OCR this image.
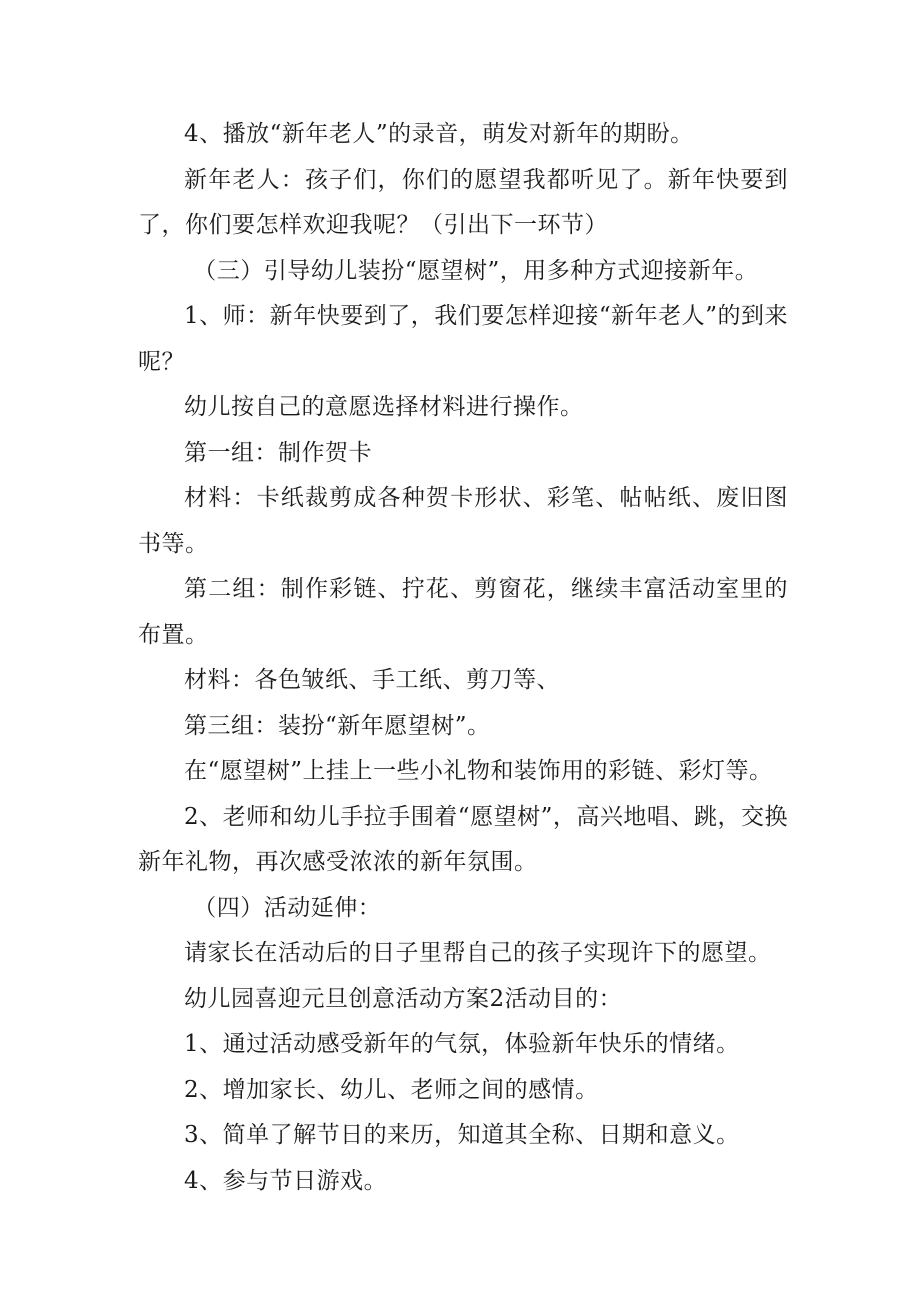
4、播放“新年老人”的录音，萌发对新年的期盼。

新年老人：孩子们，你们的愿望我都听见了。新年快要到了，你们要怎样欢迎我呢？（引出下一环节）

（三）引导幼儿装扮“愿望树”，用多种方式迎接新年。

1、师：新年快要到了，我们要怎样迎接“新年老人”的到来呢？

幼儿按自己的意愿选择材料进行操作。

第一组：制作贺卡

材料：卡纸裁剪成各种贺卡形状、彩笔、帖帖纸、废旧图书等。

第二组：制作彩链、拧花、剪窗花，继续丰富活动室里的布置。

材料：各色皱纸、手工纸、剪刀等、

第三组：装扮“新年愿望树”。

在“愿望树”上挂上一些小礼物和装饰用的彩链、彩灯等。

2、老师和幼儿手拉手围着“愿望树”，高兴地唱、跳，交换新年礼物，再次感受浓浓的新年氛围。

（四）活动延伸：

请家长在活动后的日子里帮自己的孩子实现许下的愿望。

幼儿园喜迎元旦创意活动方案2活动目的：

1、通过活动感受新年的气氛，体验新年快乐的情绪。

2、增加家长、幼儿、老师之间的感情。

3、简单了解节日的来历，知道其全称、日期和意义。

4、参与节日游戏。
